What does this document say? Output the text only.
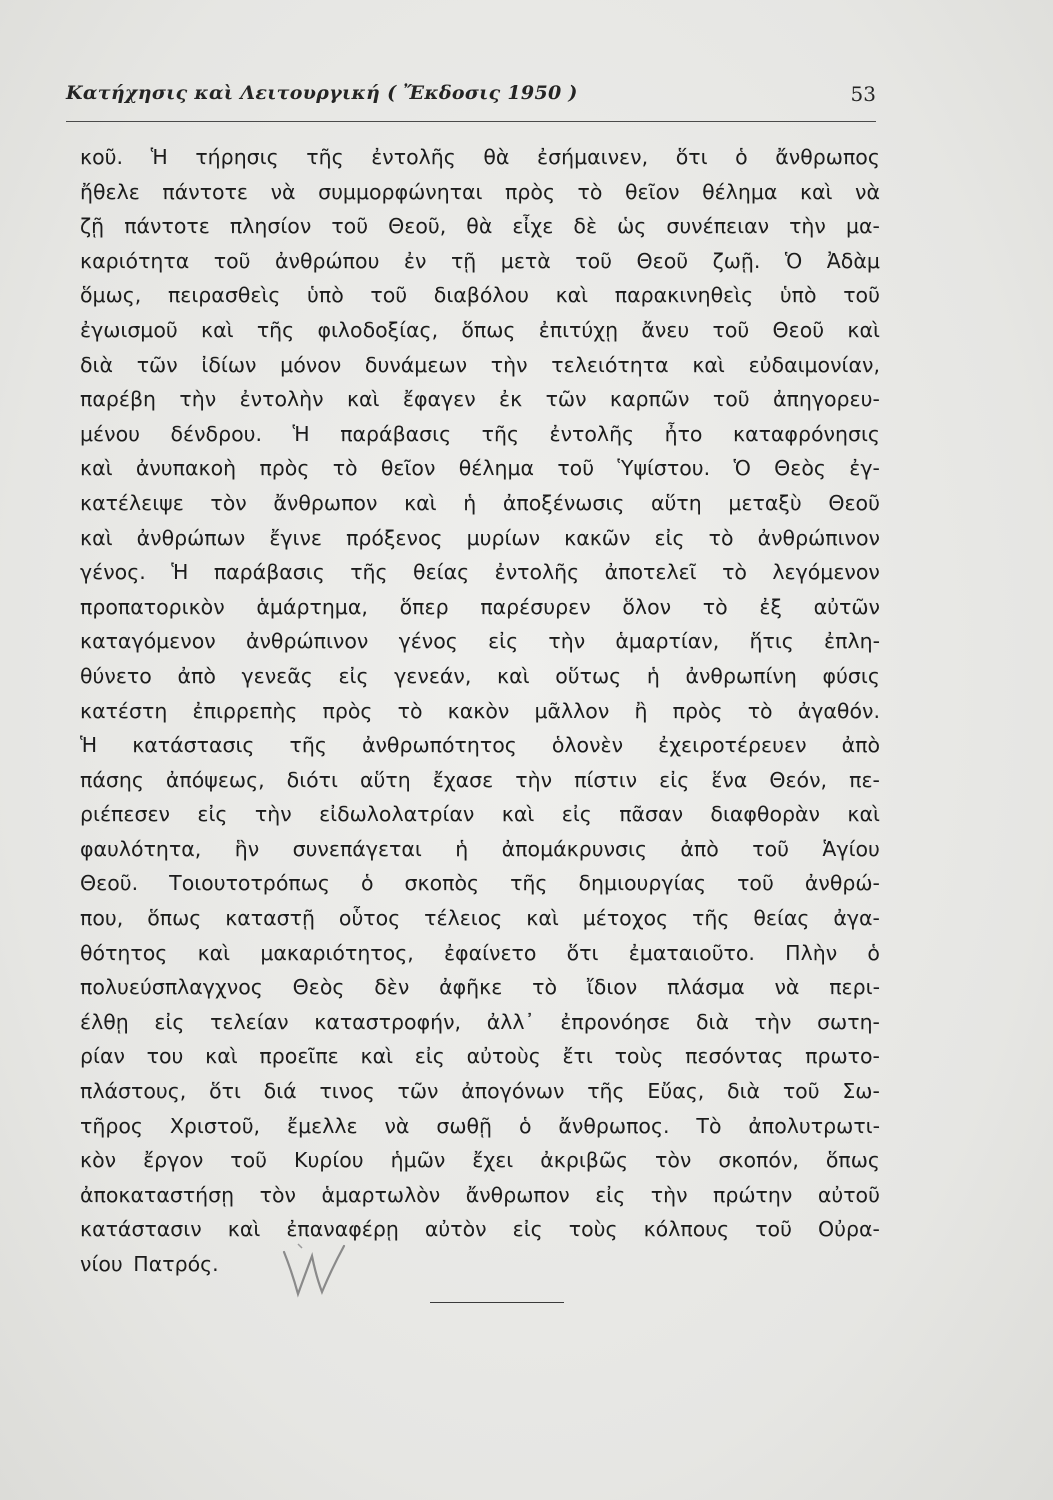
Κατήχησις καὶ Λειτουργική ( Ἔκδοσις 1950 )	53
κοῦ. Ἡ τήρησις τῆς ἐντολῆς θὰ ἐσήμαινεν, ὅτι ὁ ἄνθρωπος
ἤθελε πάντοτε νὰ συμμορφώνηται πρὸς τὸ θεῖον θέλημα καὶ νὰ
ζῇ πάντοτε πλησίον τοῦ Θεοῦ, θὰ εἶχε δὲ ὡς συνέπειαν τὴν μα-
καριότητα τοῦ ἀνθρώπου ἐν τῇ μετὰ τοῦ Θεοῦ ζωῇ. Ὁ Ἀδὰμ
ὅμως, πειρασθεὶς ὑπὸ τοῦ διαβόλου καὶ παρακινηθεὶς ὑπὸ τοῦ
ἐγωισμοῦ καὶ τῆς φιλοδοξίας, ὅπως ἐπιτύχῃ ἄνευ τοῦ Θεοῦ καὶ
διὰ τῶν ἰδίων μόνον δυνάμεων τὴν τελειότητα καὶ εὐδαιμονίαν,
παρέβη τὴν ἐντολὴν καὶ ἔφαγεν ἐκ τῶν καρπῶν τοῦ ἀπηγορευ-
μένου δένδρου. Ἡ παράβασις τῆς ἐντολῆς ἦτο καταφρόνησις
καὶ ἀνυπακοὴ πρὸς τὸ θεῖον θέλημα τοῦ Ὑψίστου. Ὁ Θεὸς ἐγ-
κατέλειψε τὸν ἄνθρωπον καὶ ἡ ἀποξένωσις αὕτη μεταξὺ Θεοῦ
καὶ ἀνθρώπων ἔγινε πρόξενος μυρίων κακῶν εἰς τὸ ἀνθρώπινον
γένος. Ἡ παράβασις τῆς θείας ἐντολῆς ἀποτελεῖ τὸ λεγόμενον
προπατορικὸν ἁμάρτημα, ὅπερ παρέσυρεν ὅλον τὸ ἐξ αὐτῶν
καταγόμενον ἀνθρώπινον γένος εἰς τὴν ἁμαρτίαν, ἥτις ἐπλη-
θύνετο ἀπὸ γενεᾶς εἰς γενεάν, καὶ οὕτως ἡ ἀνθρωπίνη φύσις
κατέστη ἐπιρρεπὴς πρὸς τὸ κακὸν μᾶλλον ἢ πρὸς τὸ ἀγαθόν.
Ἡ κατάστασις τῆς ἀνθρωπότητος ὁλονὲν ἐχειροτέρευεν ἀπὸ
πάσης ἀπόψεως, διότι αὕτη ἔχασε τὴν πίστιν εἰς ἕνα Θεόν, πε-
ριέπεσεν εἰς τὴν εἰδωλολατρίαν καὶ εἰς πᾶσαν διαφθορὰν καὶ
φαυλότητα, ἣν συνεπάγεται ἡ ἀπομάκρυνσις ἀπὸ τοῦ Ἁγίου
Θεοῦ. Τοιουτοτρόπως ὁ σκοπὸς τῆς δημιουργίας τοῦ ἀνθρώ-
που, ὅπως καταστῇ οὗτος τέλειος καὶ μέτοχος τῆς θείας ἀγα-
θότητος καὶ μακαριότητος, ἐφαίνετο ὅτι ἐματαιοῦτο. Πλὴν ὁ
πολυεύσπλαγχνος Θεὸς δὲν ἀφῆκε τὸ ἴδιον πλάσμα νὰ περι-
έλθῃ εἰς τελείαν καταστροφήν, ἀλλ᾽ ἐπρονόησε διὰ τὴν σωτη-
ρίαν του καὶ προεῖπε καὶ εἰς αὐτοὺς ἔτι τοὺς πεσόντας πρωτο-
πλάστους, ὅτι διά τινος τῶν ἀπογόνων τῆς Εὔας, διὰ τοῦ Σω-
τῆρος Χριστοῦ, ἔμελλε νὰ σωθῇ ὁ ἄνθρωπος. Τὸ ἀπολυτρωτι-
κὸν ἔργον τοῦ Κυρίου ἡμῶν ἔχει ἀκριβῶς τὸν σκοπόν, ὅπως
ἀποκαταστήσῃ τὸν ἁμαρτωλὸν ἄνθρωπον εἰς τὴν πρώτην αὐτοῦ
κατάστασιν καὶ ἐπαναφέρῃ αὐτὸν εἰς τοὺς κόλπους τοῦ Οὐρα-
νίου Πατρός.
